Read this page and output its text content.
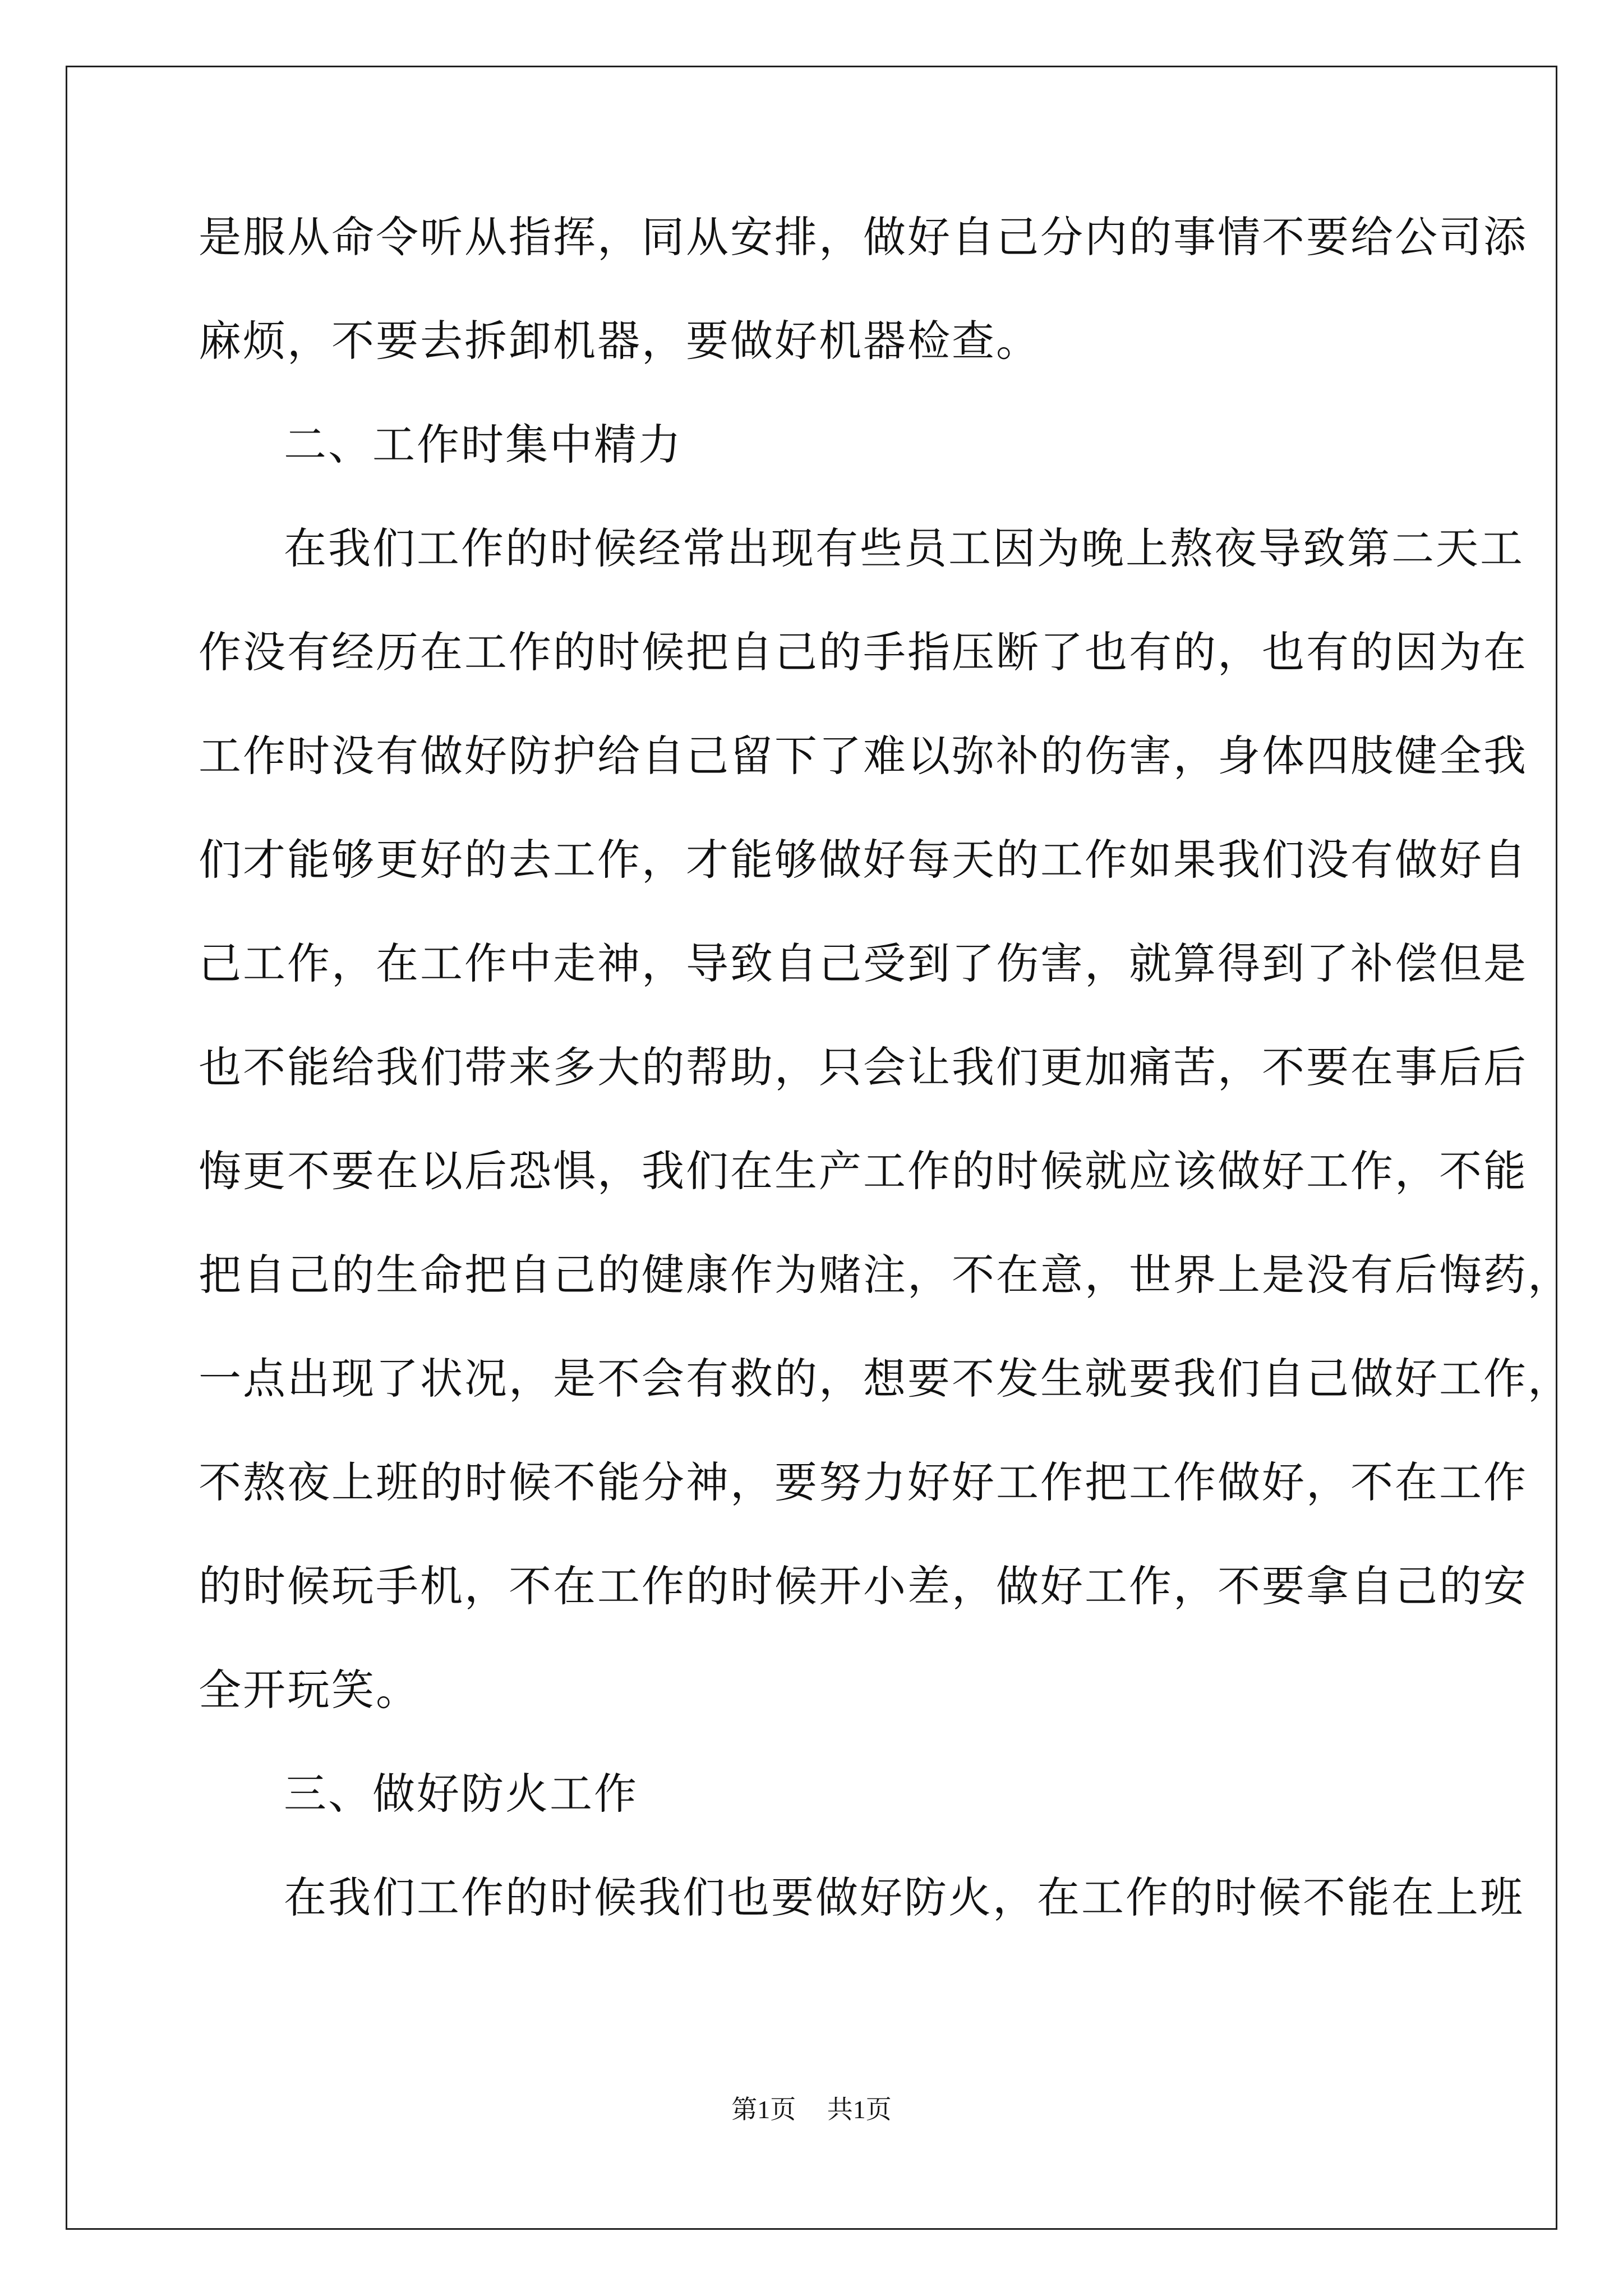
是服从命令听从指挥，同从安排，做好自己分内的事情不要给公司添
麻烦，不要去拆卸机器，要做好机器检查。
二、工作时集中精力
在我们工作的时候经常出现有些员工因为晚上熬夜导致第二天工
作没有经历在工作的时候把自己的手指压断了也有的，也有的因为在
工作时没有做好防护给自己留下了难以弥补的伤害，身体四肢健全我
们才能够更好的去工作，才能够做好每天的工作如果我们没有做好自
己工作，在工作中走神，导致自己受到了伤害，就算得到了补偿但是
也不能给我们带来多大的帮助，只会让我们更加痛苦，不要在事后后
悔更不要在以后恐惧，我们在生产工作的时候就应该做好工作，不能
把自己的生命把自己的健康作为赌注，不在意，世界上是没有后悔药，
一点出现了状况，是不会有救的，想要不发生就要我们自己做好工作，
不熬夜上班的时候不能分神，要努力好好工作把工作做好，不在工作
的时候玩手机，不在工作的时候开小差，做好工作，不要拿自己的安
全开玩笑。
三、做好防火工作
在我们工作的时候我们也要做好防火，在工作的时候不能在上班
第1页 共1页
